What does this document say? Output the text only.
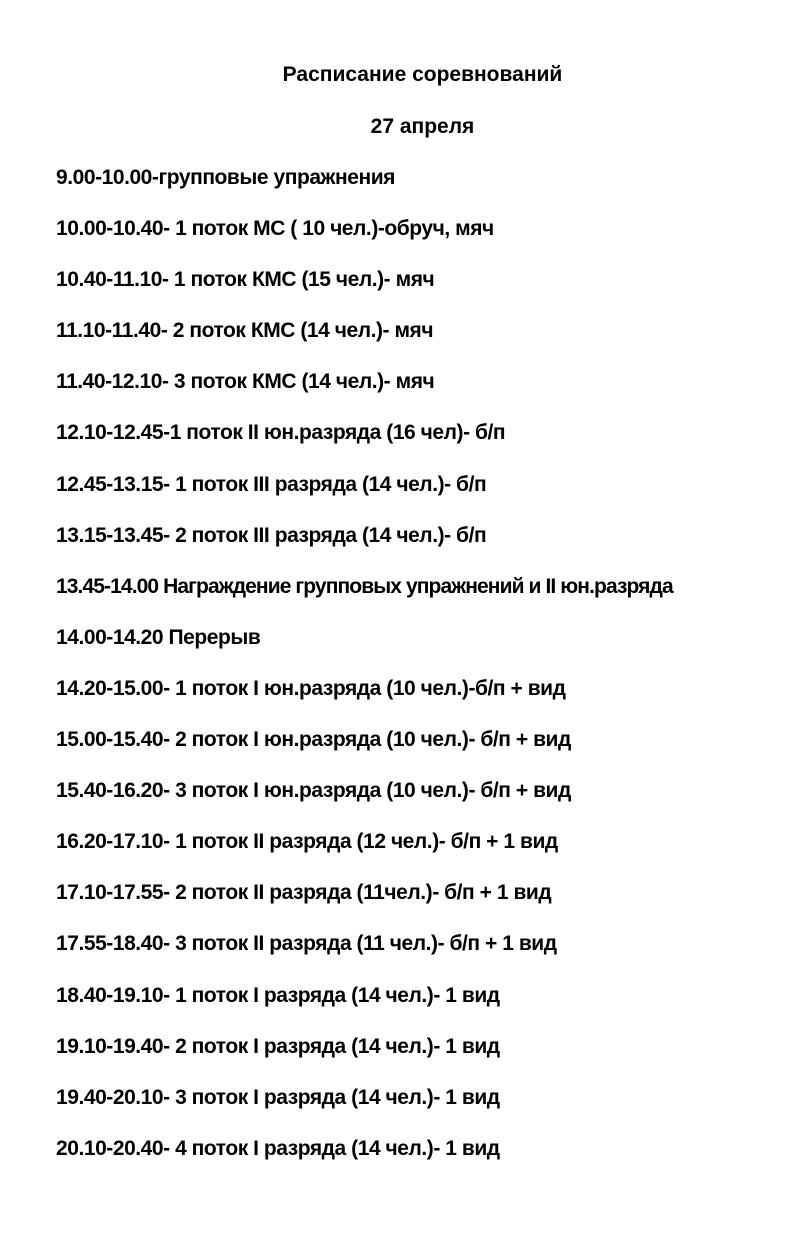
Расписание соревнований
27 апреля
9.00-10.00-групповые упражнения
10.00-10.40- 1 поток МС ( 10 чел.)-обруч, мяч
10.40-11.10- 1 поток КМС (15 чел.)- мяч
11.10-11.40- 2 поток КМС (14 чел.)- мяч
11.40-12.10- 3 поток КМС (14 чел.)- мяч
12.10-12.45-1 поток II юн.разряда (16 чел)- б/п
12.45-13.15- 1 поток III разряда (14 чел.)- б/п
13.15-13.45- 2 поток III разряда (14 чел.)- б/п
13.45-14.00 Награждение групповых упражнений и II юн.разряда
14.00-14.20 Перерыв
14.20-15.00- 1 поток I юн.разряда (10 чел.)-б/п + вид
15.00-15.40- 2 поток I юн.разряда (10 чел.)- б/п + вид
15.40-16.20- 3 поток I юн.разряда (10 чел.)- б/п + вид
16.20-17.10- 1 поток II разряда (12 чел.)- б/п + 1 вид
17.10-17.55- 2 поток II разряда (11чел.)- б/п + 1 вид
17.55-18.40- 3 поток II разряда (11 чел.)- б/п + 1 вид
18.40-19.10- 1 поток I разряда (14 чел.)- 1 вид
19.10-19.40- 2 поток I разряда (14 чел.)- 1 вид
19.40-20.10- 3 поток I разряда (14 чел.)- 1 вид
20.10-20.40- 4 поток I разряда (14 чел.)- 1 вид
